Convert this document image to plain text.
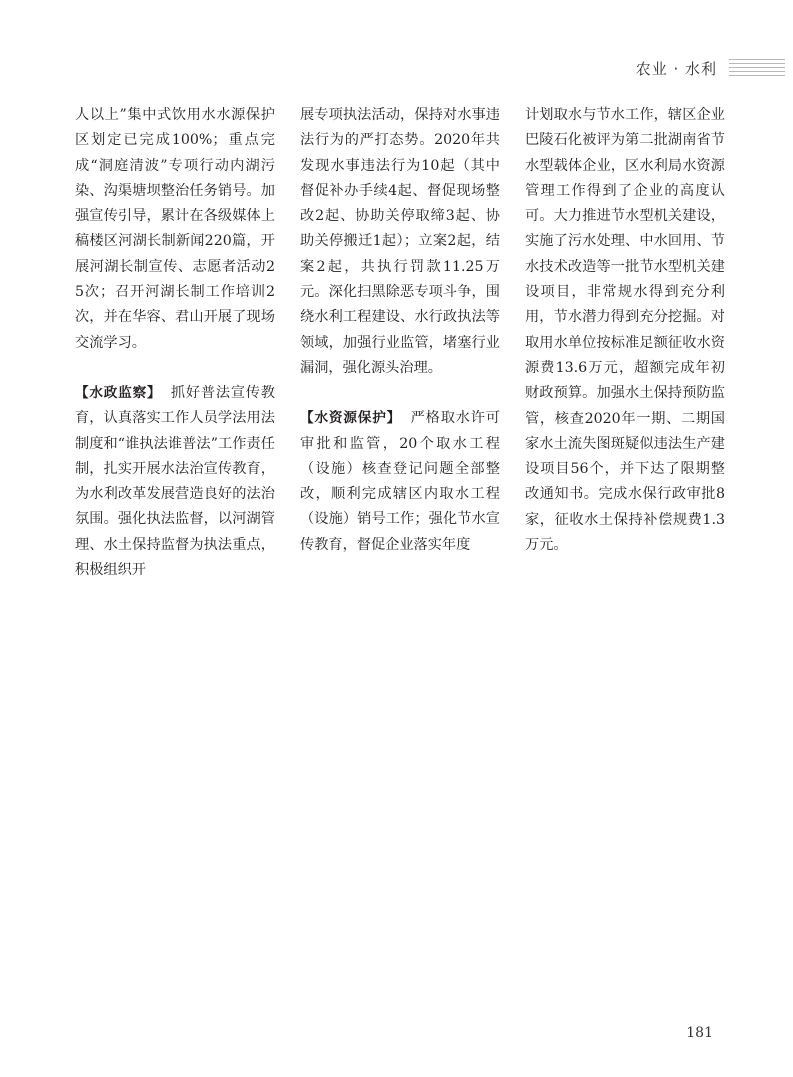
农业 · 水利

人以上”集中式饮用水水源保护区划定已完成100%；重点完成“洞庭清波”专项行动内湖污染、沟渠塘坝整治任务销号。加强宣传引导，累计在各级媒体上稿楼区河湖长制新闻220篇，开展河湖长制宣传、志愿者活动25次；召开河湖长制工作培训2次，并在华容、君山开展了现场交流学习。

【水政监察】 抓好普法宣传教育，认真落实工作人员学法用法制度和“谁执法谁普法”工作责任制，扎实开展水法治宣传教育，为水利改革发展营造良好的法治氛围。强化执法监督，以河湖管理、水土保持监督为执法重点，积极组织开

展专项执法活动，保持对水事违法行为的严打态势。2020年共发现水事违法行为10起（其中督促补办手续4起、督促现场整改2起、协助关停取缔3起、协助关停搬迁1起）；立案2起，结案2起，共执行罚款11.25万元。深化扫黑除恶专项斗争，围绕水利工程建设、水行政执法等领域，加强行业监管，堵塞行业漏洞，强化源头治理。

【水资源保护】 严格取水许可审批和监管，20个取水工程（设施）核查登记问题全部整改，顺利完成辖区内取水工程（设施）销号工作；强化节水宣传教育，督促企业落实年度

计划取水与节水工作，辖区企业巴陵石化被评为第二批湖南省节水型载体企业，区水利局水资源管理工作得到了企业的高度认可。大力推进节水型机关建设，实施了污水处理、中水回用、节水技术改造等一批节水型机关建设项目，非常规水得到充分利用，节水潜力得到充分挖掘。对取用水单位按标准足额征收水资源费13.6万元，超额完成年初财政预算。加强水土保持预防监管，核查2020年一期、二期国家水土流失图斑疑似违法生产建设项目56个，并下达了限期整改通知书。完成水保行政审批8家，征收水土保持补偿规费1.3万元。

181
